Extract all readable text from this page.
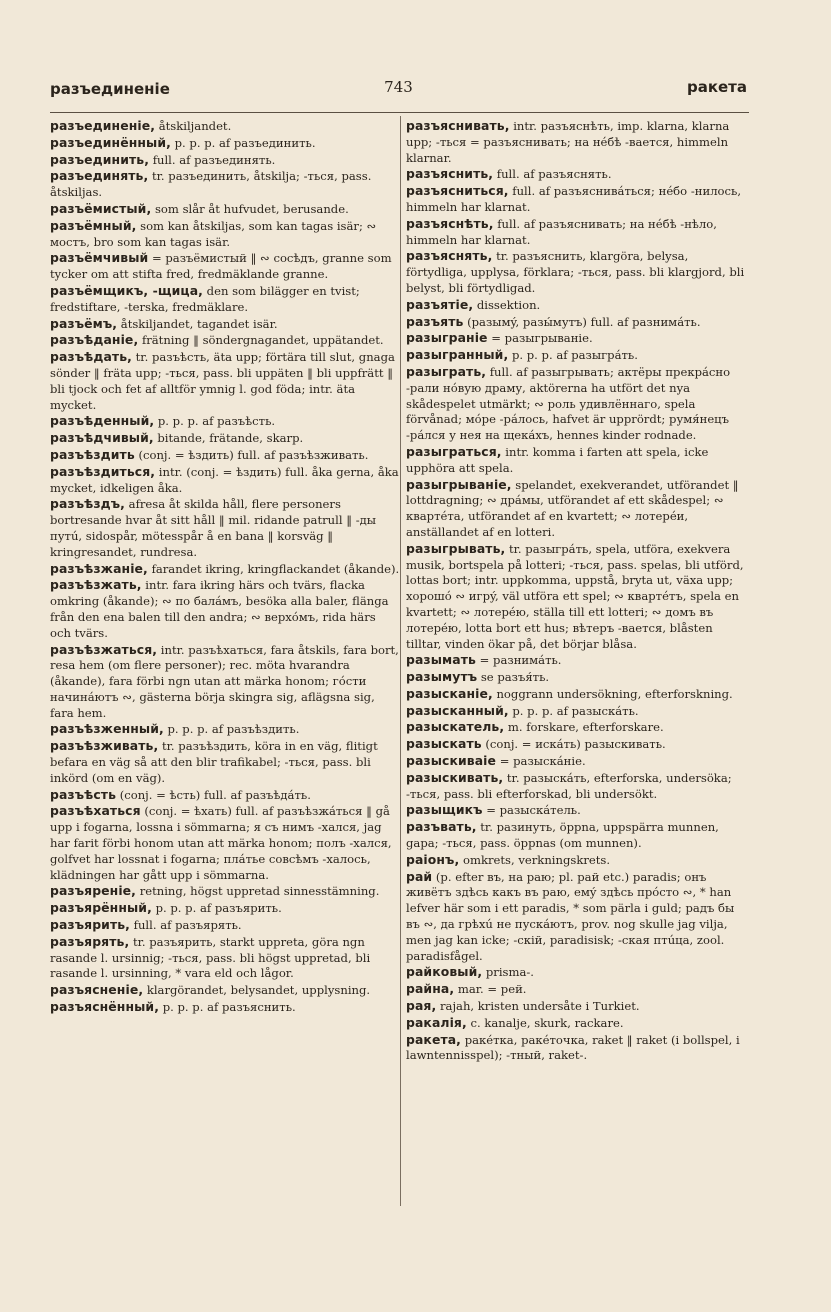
разъединеніе	743	ракета

разъединеніе, åtskiljandet.

разъединённый, p. p. p. af разъединить.

разъединить, full. af разъединять.

разъединять, tr. разъединить, åtskilja; -ться, pass. åtskiljas.

разъёмистый, som slår åt hufvudet, berusande.

разъёмный, som kan åtskiljas, som kan tagas isär; ∾ мостъ, bro som kan tagas isär.

разъёмчивый = разъёмистый ‖ ∾ сосѣдъ, granne som tycker om att stifta fred, fredmäklande granne.

разъёмщикъ, -щица, den som bilägger en tvist; fredstiftare, -terska, fredmäklare.

разъёмъ, åtskiljandet, tagandet isär.

разъѣданіе, frätning ‖ söndergnagandet, uppätandet.

разъѣдать, tr. разъѣсть, äta upp; förtära till slut, gnaga sönder ‖ fräta upp; -ться, pass. bli uppäten ‖ bli uppfrätt ‖ bli tjock och fet af alltför ymnig l. god föda; intr. äta mycket.

разъѣденный, p. p. p. af разъѣсть.

разъѣдчивый, bitande, frätande, skarp.

разъѣздить (conj. = ѣздить) full. af разъѣзживать.

разъѣздиться, intr. (conj. = ѣздить) full. åka gerna, åka mycket, idkeligen åka.

разъѣздъ, afresa åt skilda håll, flere personers bortresande hvar åt sitt håll ‖ mil. ridande patrull ‖ -ды путú, sidospår, mötesspår å en bana ‖ korsväg ‖ kringresandet, rundresa.

разъѣзжаніе, farandet ikring, kringflackandet (åkande).

разъѣзжать, intr. fara ikring härs och tvärs, flacka omkring (åkande); ∾ по балáмъ, besöka alla baler, flänga från den ena balen till den andra; ∾ верхóмъ, rida härs och tvärs.

разъѣзжаться, intr. разъѣхаться, fara åtskils, fara bort, resa hem (om flere personer); rec. möta hvarandra (åkande), fara förbi ngn utan att märka honom; гóсти начинáютъ ∾, gästerna börja skingra sig, aflägsna sig, fara hem.

разъѣзженный, p. p. p. af разъѣздить.

разъѣзживать, tr. разъѣздить, köra in en väg, flitigt befara en väg så att den blir trafikabel; -ться, pass. bli inkörd (om en väg).

разъѣсть (conj. = ѣсть) full. af разъѣдáть.

разъѣхаться (conj. = ѣхать) full. af разъѣзжáться ‖ gå upp i fogarna, lossna i sömmarna; я съ нимъ -хался, jag har farit förbi honom utan att märka honom; полъ -хался, golfvet har lossnat i fogarna; плáтье совсѣмъ -халось, klädningen har gått upp i sömmarna.

разъяреніе, retning, högst uppretad sinnesstämning.

разъярённый, p. p. p. af разъярить.

разъярить, full. af разъярять.

разъярять, tr. разъярить, starkt uppreta, göra ngn rasande l. ursinnig; -ться, pass. bli högst uppretad, bli rasande l. ursinning, * vara eld och lågor.

разъясненіе, klargörandet, belysandet, upplysning.

разъяснённый, p. p. p. af разъяснить.

разъяснивать, intr. разъяснѣть, imp. klarna, klarna upp; -ться = разъяснивать; на нéбѣ -вается, himmeln klarnar.

разъяснить, full. af разъяснять.

разъясниться, full. af разъяснивáться; нéбо -нилось, himmeln har klarnat.

разъяснѣть, full. af разъяснивать; на нéбѣ -нѣло, himmeln har klarnat.

разъяснять, tr. разъяснить, klargöra, belysa, förtydliga, upplysa, förklara; -ться, pass. bli klargjord, bli belyst, bli förtydligad.

разъятіе, dissektion.

разъять (разымý, разы́мутъ) full. af разнимáть.

разыграніе = разыгрываніе.

разыгранный, p. p. p. af разыгрáть.

разыграть, full. af разыгрывать; актёры прекрáсно -рали нóвую драму, aktörerna ha utfört det nya skådespelet utmärkt; ∾ роль удивлённаго, spela förvånad; мóре -рáлось, hafvet är upprördt; румя́нецъ -рáлся у нея на щекáхъ, hennes kinder rodnade.

разыграться, intr. komma i farten att spela, icke upphöra att spela.

разыгрываніе, spelandet, exekverandet, utförandet ‖ lottdragning; ∾ дрáмы, utförandet af ett skådespel; ∾ квартéта, utförandet af en kvartett; ∾ лотерéи, anställandet af en lotteri.

разыгрывать, tr. разыгрáть, spela, utföra, exekvera musik, bortspela på lotteri; -ться, pass. spelas, bli utförd, lottas bort; intr. uppkomma, uppstå, bryta ut, växa upp; хорошó ∾ игрý, väl utföra ett spel; ∾ квартéтъ, spela en kvartett; ∾ лотерéю, ställa till ett lotteri; ∾ домъ въ лотерéю, lotta bort ett hus; вѣтеръ -вается, blåsten tilltar, vinden ökar på, det börjar blåsa.

разымать = разнимáть.

разымутъ se разъя́ть.

разысканіе, noggrann undersökning, efterforskning.

разысканный, p. p. p. af разыскáть.

разыскатель, m. forskare, efterforskare.

разыскать (conj. = искáть) разыскивать.

разыскиваіе = разыскáніе.

разыскивать, tr. разыскáть, efterforska, undersöka; -ться, pass. bli efterforskad, bli undersökt.

разыщикъ = разыскáтель.

разъвать, tr. разинуть, öppna, uppspärra munnen, gapa; -ться, pass. öppnas (om munnen).

раіонъ, omkrets, verkningskrets.

рай (p. efter въ, на раю; pl. рай etc.) paradis; онъ живётъ здѣсь какъ въ раю, емý здѣсь прóсто ∾, * han lefver här som i ett paradis, * som pärla i guld; радъ бы въ ∾, да грѣхú не пускáютъ, prov. nog skulle jag vilja, men jag kan icke; -скій, paradisisk; -ская птúца, zool. paradisfågel.

райковый, prisma-.

райна, mar. = рей.

рая, rajah, kristen undersåte i Turkiet.

ракалія, c. kanalje, skurk, rackare.

ракета, ракéтка, ракéточка, raket ‖ raket (i bollspel, i lawntennisspel); -тный, raket-.
